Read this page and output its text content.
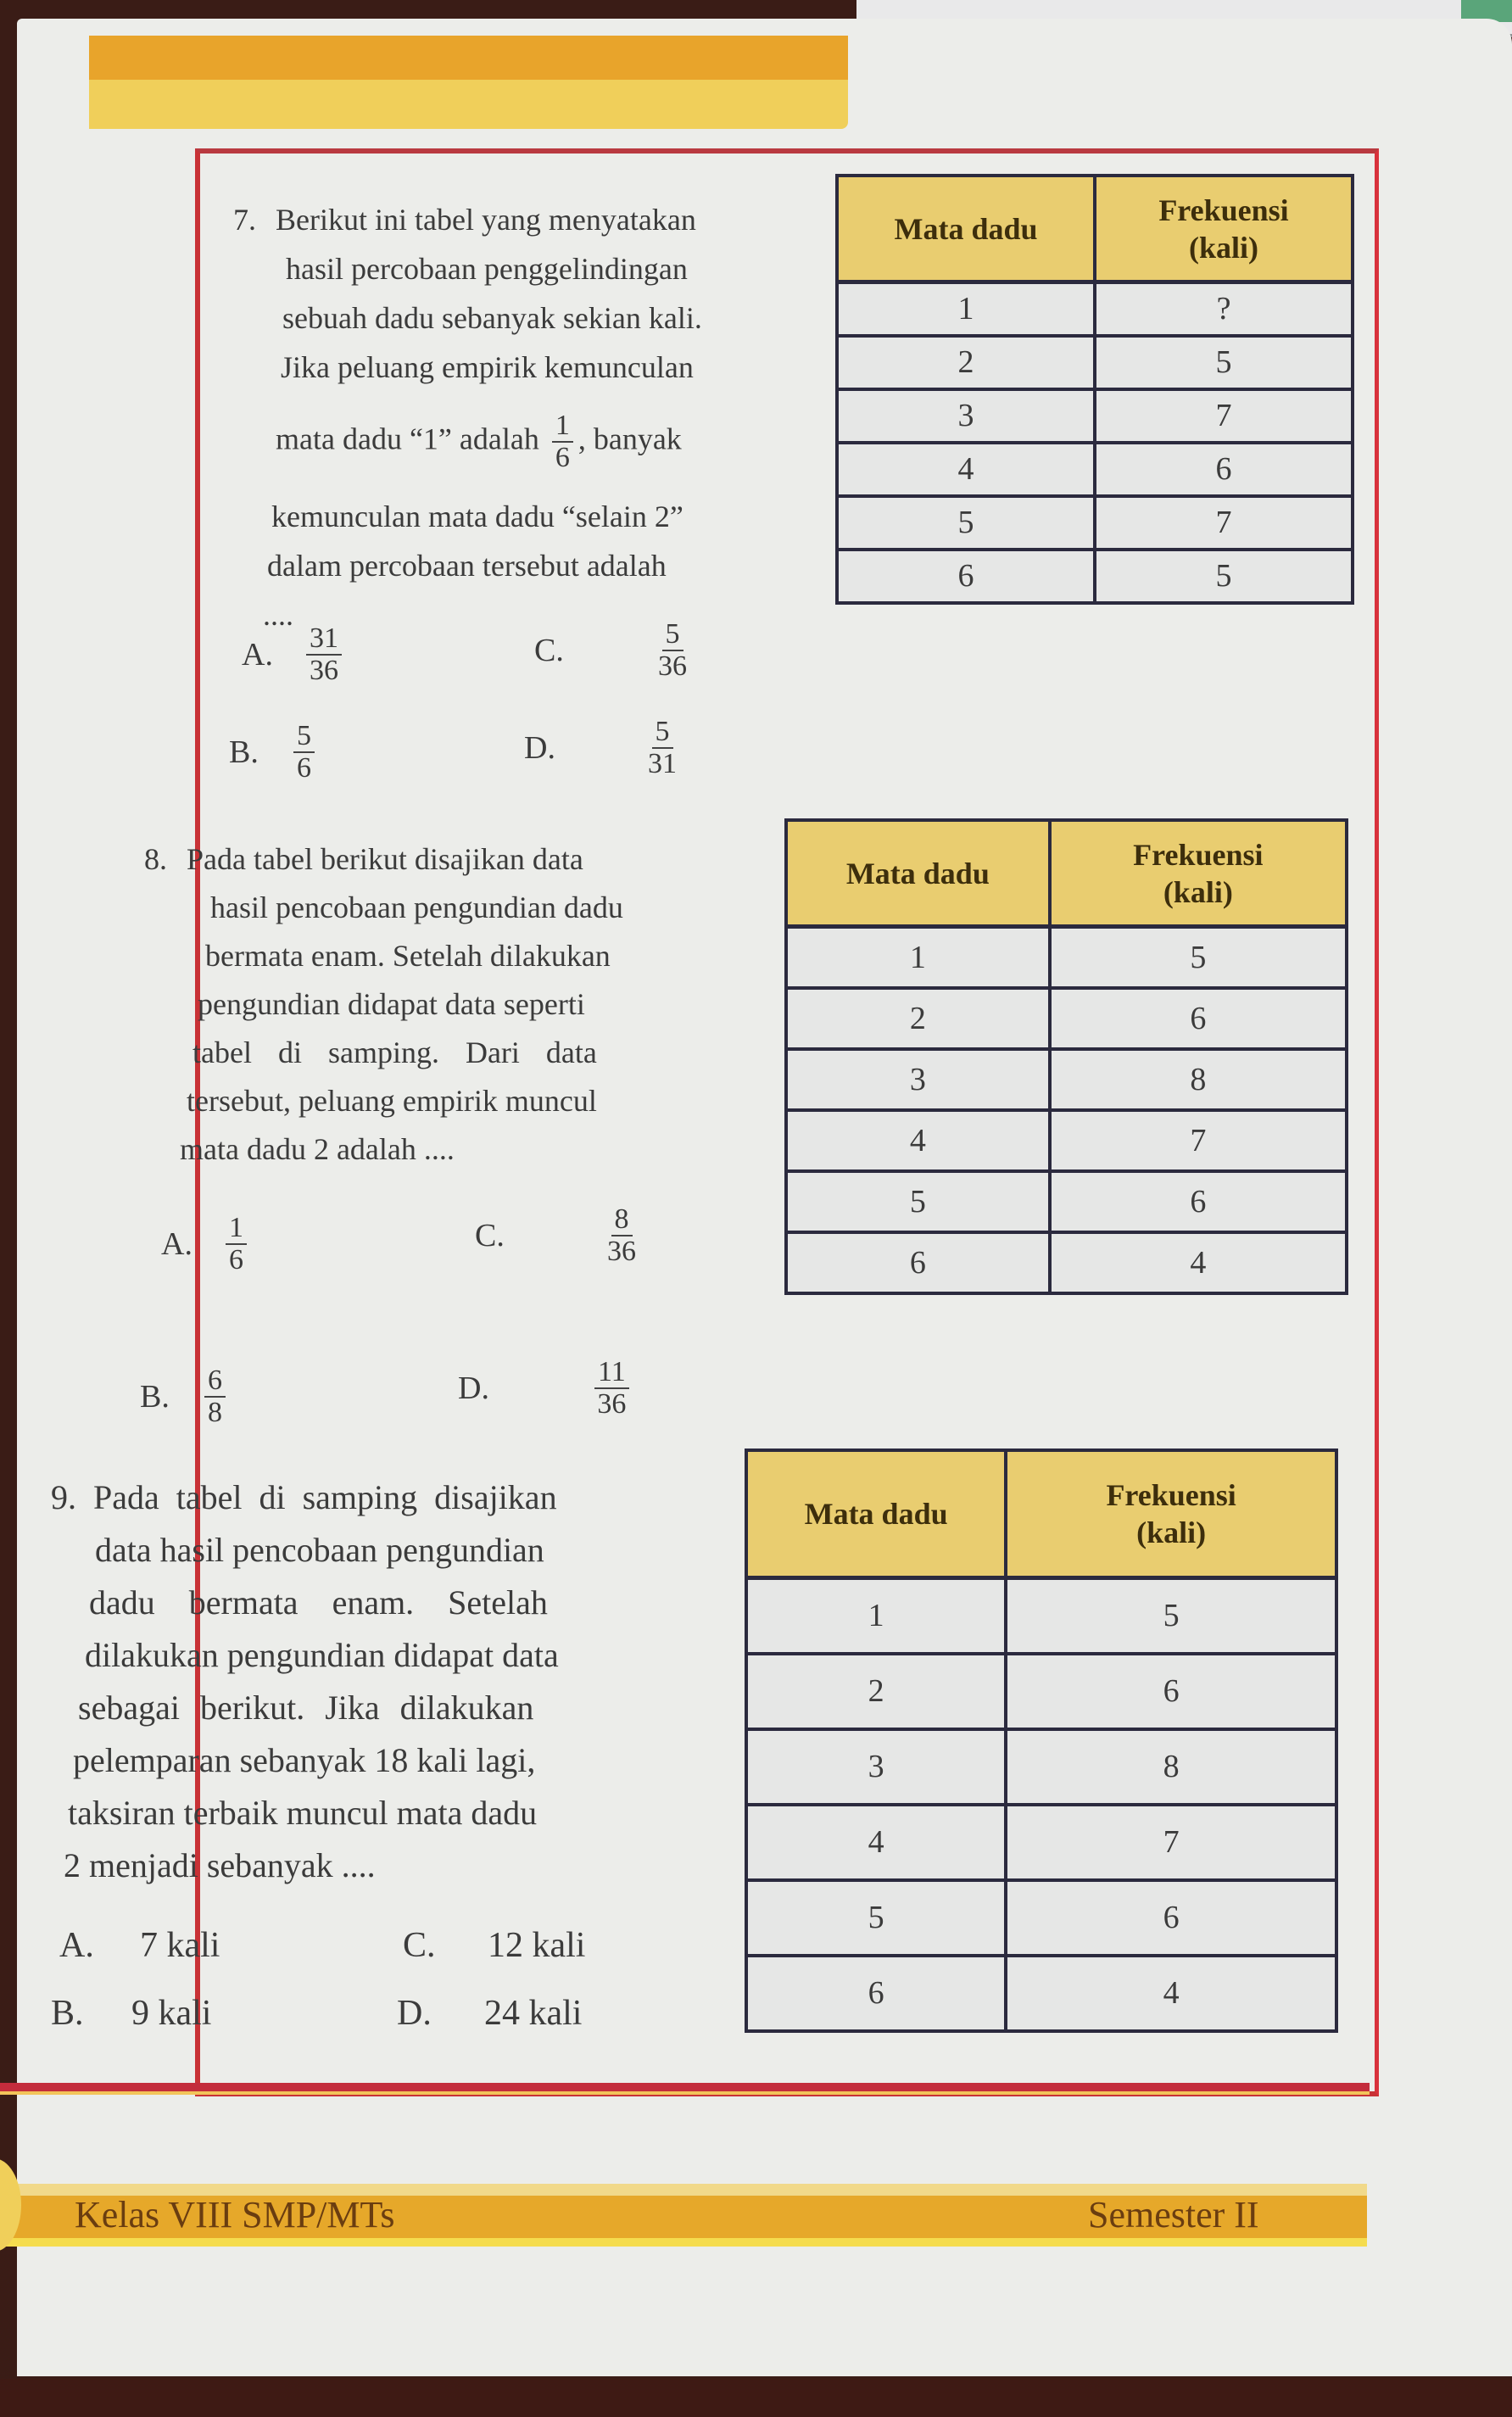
7. Berikut ini tabel yang menyatakan

hasil percobaan penggelindingan

sebuah dadu sebanyak sekian kali.

Jika peluang empirik kemunculan

mata dadu “1” adalah $\frac{1}{6}$ , banyak

kemunculan mata dadu “selain 2”

dalam percobaan tersebut adalah

....

A.	$\frac{31}{36}$
B.	$\frac{5}{6}$
C.	$\frac{5}{36}$
D.	$\frac{5}{31}$
Mata dadu	Frekuensi
(kali)
1	?
2	5
3	7
4	6
5	7
6	5

8. Pada tabel berikut disajikan data

hasil pencobaan pengundian dadu

bermata enam. Setelah dilakukan

pengundian didapat data seperti

tabel di samping. Dari data

tersebut, peluang empirik muncul

mata dadu 2 adalah ....

A.	$\frac{1}{6}$
B.	$\frac{6}{8}$
C.	$\frac{8}{36}$
D.	$\frac{11}{36}$
Mata dadu	Frekuensi
(kali)
1	5
2	6
3	8
4	7
5	6
6	4

9. Pada tabel di samping disajikan

data hasil pencobaan pengundian

dadu bermata enam. Setelah

dilakukan pengundian didapat data

sebagai berikut. Jika dilakukan

pelemparan sebanyak 18 kali lagi,

taksiran terbaik muncul mata dadu

2 menjadi sebanyak ....

A.	7 kali
B.	9 kali
C.	12 kali
D.	24 kali
Mata dadu	Frekuensi
(kali)
1	5
2	6
3	8
4	7
5	6
6	4
Kelas VIII SMP/MTs	Semester II
